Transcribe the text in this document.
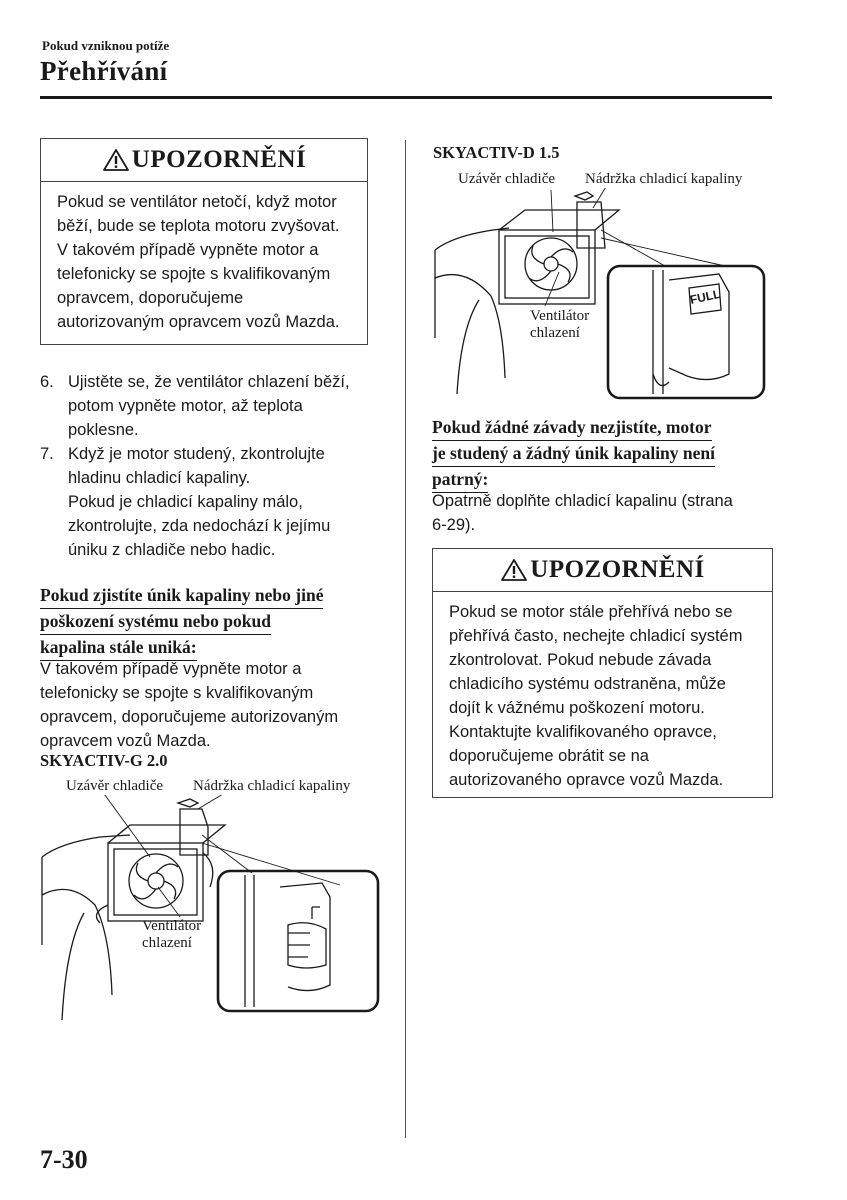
Pokud vzniknou potíže
Přehřívání
UPOZORNĚNÍ
Pokud se ventilátor netočí, když motor
běží, bude se teplota motoru zvyšovat.
V takovém případě vypněte motor a
telefonicky se spojte s kvalifikovaným
opravcem, doporučujeme
autorizovaným opravcem vozů Mazda.
6. Ujistěte se, že ventilátor chlazení běží,
potom vypněte motor, až teplota
poklesne.
7. Když je motor studený, zkontrolujte
hladinu chladicí kapaliny.
Pokud je chladicí kapaliny málo,
zkontrolujte, zda nedochází k jejímu
úniku z chladiče nebo hadic.
Pokud zjistíte únik kapaliny nebo jiné
poškození systému nebo pokud
kapalina stále uniká:
V takovém případě vypněte motor a
telefonicky se spojte s kvalifikovaným
opravcem, doporučujeme autorizovaným
opravcem vozů Mazda.
SKYACTIV-G 2.0
Uzávěr chladiče Nádržka chladicí kapaliny
Ventilátor
chlazení
SKYACTIV-D 1.5
Uzávěr chladiče Nádržka chladicí kapaliny
Ventilátor
chlazení
FULL
Pokud žádné závady nezjistíte, motor
je studený a žádný únik kapaliny není
patrný:
Opatrně doplňte chladicí kapalinu (strana
6-29).
UPOZORNĚNÍ
Pokud se motor stále přehřívá nebo se
přehřívá často, nechejte chladicí systém
zkontrolovat. Pokud nebude závada
chladicího systému odstraněna, může
dojít k vážnému poškození motoru.
Kontaktujte kvalifikovaného opravce,
doporučujeme obrátit se na
autorizovaného opravce vozů Mazda.
7-30
